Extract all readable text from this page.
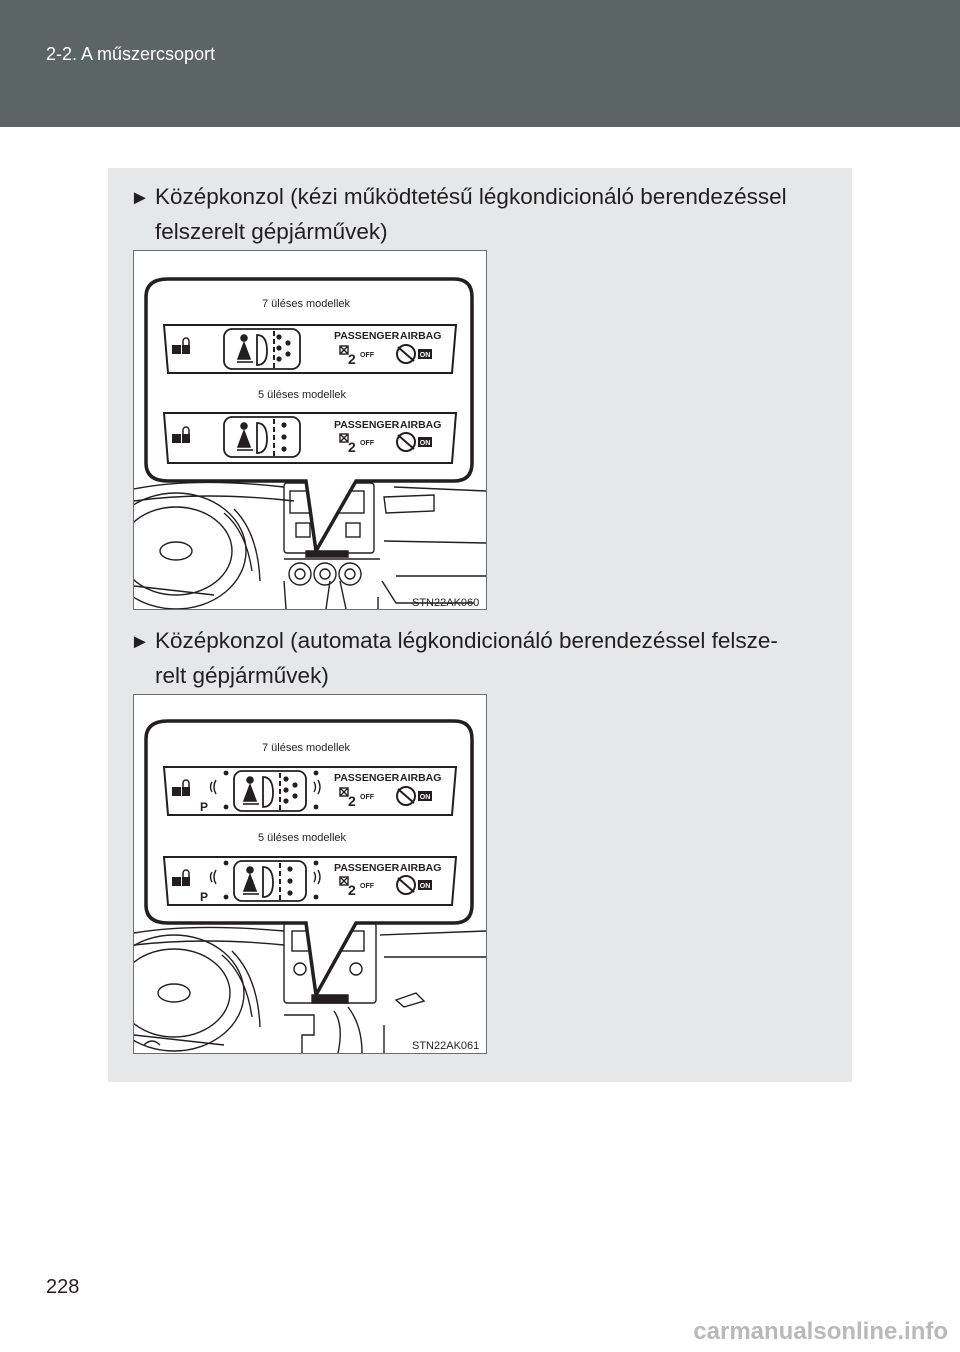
2-2. A műszercsoport
► Középkonzol (kézi működtetésű légkondicionáló berendezéssel
felszerelt gépjárművek)
7 üléses modellek
PASSENGER AIRBAG
2 OFF	ON
5 üléses modellek
PASSENGER AIRBAG
2 OFF	ON
STN22AK060
► Középkonzol (automata légkondicionáló berendezéssel felsze-
relt gépjárművek)
7 üléses modellek
P
PASSENGER AIRBAG
2 OFF	ON
5 üléses modellek
P
PASSENGER AIRBAG
2 OFF	ON
STN22AK061
228
carmanualsonline.info
